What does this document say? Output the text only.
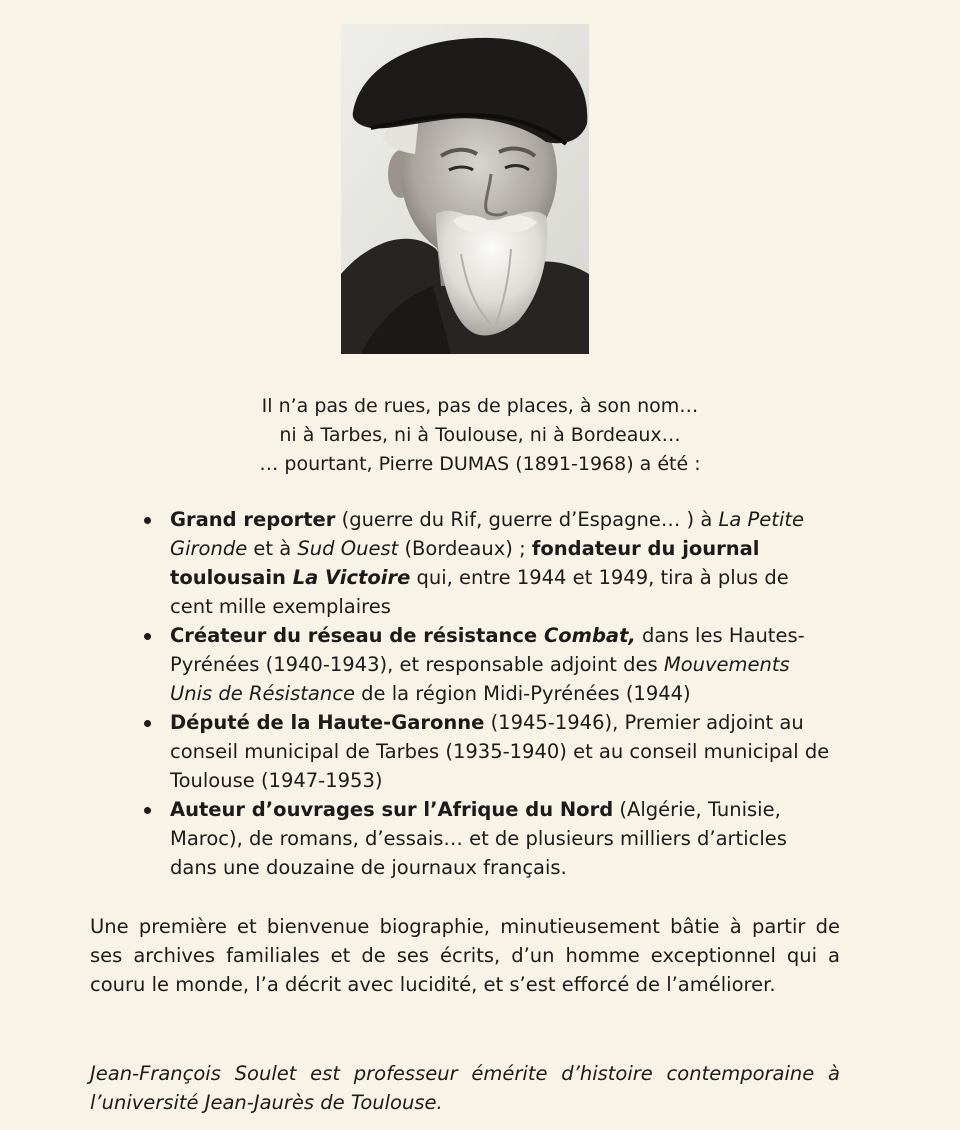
Il n’a pas de rues, pas de places, à son nom…

ni à Tarbes, ni à Toulouse, ni à Bordeaux…

… pourtant, Pierre DUMAS (1891-1968) a été :

Grand reporter (guerre du Rif, guerre d’Espagne… ) à La Petite Gironde et à Sud Ouest (Bordeaux) ; fondateur du journal toulousain La Victoire qui, entre 1944 et 1949, tira à plus de cent mille exemplaires
Créateur du réseau de résistance Combat, dans les Hautes-Pyrénées (1940-1943), et responsable adjoint des Mouvements Unis de Résistance de la région Midi-Pyrénées (1944)
Député de la Haute-Garonne (1945-1946), Premier adjoint au conseil municipal de Tarbes (1935-1940) et au conseil municipal de Toulouse (1947-1953)
Auteur d’ouvrages sur l’Afrique du Nord (Algérie, Tunisie, Maroc), de romans, d’essais… et de plusieurs milliers d’articles dans une douzaine de journaux français.

Une première et bienvenue biographie, minutieusement bâtie à partir de ses archives familiales et de ses écrits, d’un homme exceptionnel qui a couru le monde, l’a décrit avec lucidité, et s’est efforcé de l’améliorer.

Jean-François Soulet est professeur émérite d’histoire contemporaine à l’université Jean-Jaurès de Toulouse.
